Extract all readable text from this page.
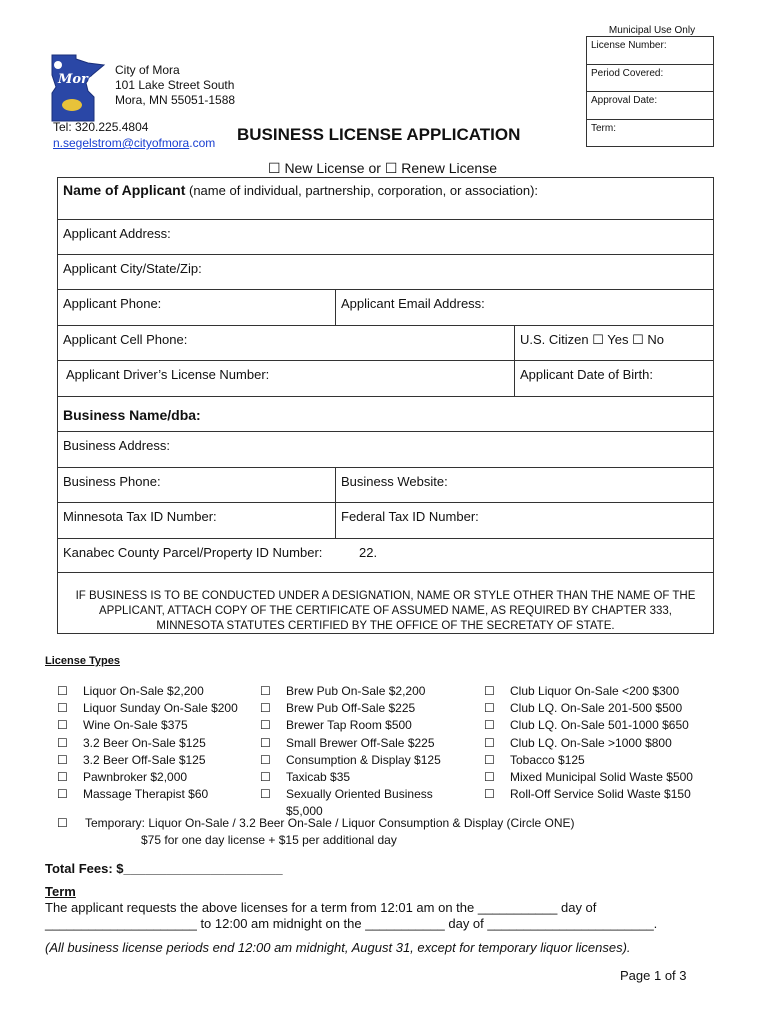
Municipal Use Only
License Number:
Period Covered:
Approval Date:
Term:
Mora
City of Mora
101 Lake Street South
Mora, MN 55051-1588
Tel: 320.225.4804
n.segelstrom@cityofmora.com BUSINESS LICENSE APPLICATION
☐ New License or ☐ Renew License
Name of Applicant (name of individual, partnership, corporation, or association):
Applicant Address:
Applicant City/State/Zip:
Applicant Phone:	Applicant Email Address:
Applicant Cell Phone:	U.S. Citizen ☐ Yes ☐ No
Applicant Driver’s License Number:	Applicant Date of Birth:
Business Name/dba:
Business Address:
Business Phone:	Business Website:
Minnesota Tax ID Number:	Federal Tax ID Number:
Kanabec County Parcel/Property ID Number:	22.
IF BUSINESS IS TO BE CONDUCTED UNDER A DESIGNATION, NAME OR STYLE OTHER THAN THE NAME OF THE APPLICANT, ATTACH COPY OF THE CERTIFICATE OF ASSUMED NAME, AS REQUIRED BY CHAPTER 333, MINNESOTA STATUTES CERTIFIED BY THE OFFICE OF THE SECRETATY OF STATE.
License Types
☐	Liquor On-Sale $2,200
☐	Liquor Sunday On-Sale $200
☐	Wine On-Sale $375
☐	3.2 Beer On-Sale $125
☐	3.2 Beer Off-Sale $125
☐	Pawnbroker $2,000
☐	Massage Therapist $60
☐	Brew Pub On-Sale $2,200
☐	Brew Pub Off-Sale $225
☐	Brewer Tap Room $500
☐	Small Brewer Off-Sale $225
☐	Consumption & Display $125
☐	Taxicab $35
☐	Sexually Oriented Business
$5,000
☐	Club Liquor On-Sale <200 $300
☐	Club LQ. On-Sale 201-500 $500
☐	Club LQ. On-Sale 501-1000 $650
☐	Club LQ. On-Sale >1000 $800
☐	Tobacco $125
☐	Mixed Municipal Solid Waste $500
☐	Roll-Off Service Solid Waste $150
☐ Temporary: Liquor On-Sale / 3.2 Beer On-Sale / Liquor Consumption & Display (Circle ONE)
$75 for one day license + $15 per additional day
Total Fees: $______________________
Term
The applicant requests the above licenses for a term from 12:01 am on the ___________ day of _____________________ to 12:00 am midnight on the ___________ day of _______________________.
(All business license periods end 12:00 am midnight, August 31, except for temporary liquor licenses).
Page 1 of 3
